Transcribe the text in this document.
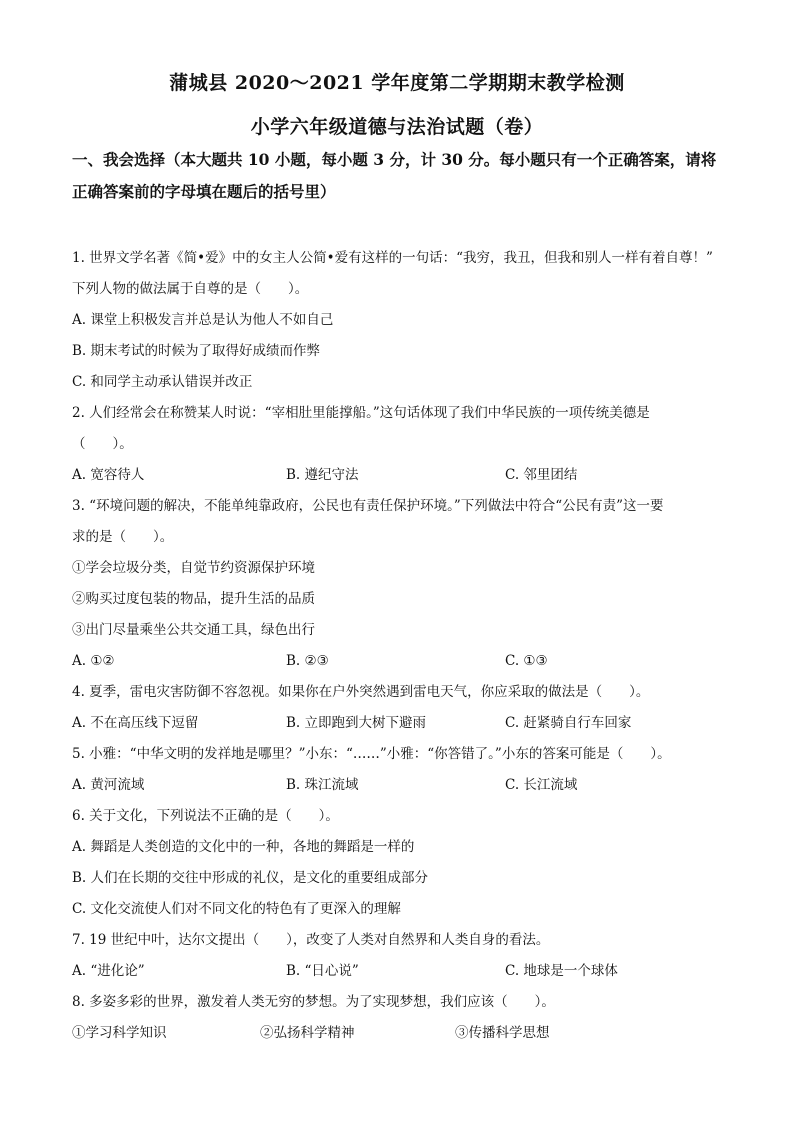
蒲城县 2020～2021 学年度第二学期期末教学检测
小学六年级道德与法治试题（卷）
一、我会选择（本大题共 10 小题，每小题 3 分，计 30 分。每小题只有一个正确答案，请将
正确答案前的字母填在题后的括号里）
1. 世界文学名著《简•爱》中的女主人公简•爱有这样的一句话：“我穷，我丑，但我和别人一样有着自尊！”
下列人物的做法属于自尊的是（　　）。
A. 课堂上积极发言并总是认为他人不如自己
B. 期末考试的时候为了取得好成绩而作弊
C. 和同学主动承认错误并改正
2. 人们经常会在称赞某人时说：“宰相肚里能撑船。”这句话体现了我们中华民族的一项传统美德是
（　　）。
A. 宽容待人	B. 遵纪守法	C. 邻里团结
3. “环境问题的解决，不能单纯靠政府，公民也有责任保护环境。”下列做法中符合“公民有责”这一要
求的是（　　）。
①学会垃圾分类，自觉节约资源保护环境
②购买过度包装的物品，提升生活的品质
③出门尽量乘坐公共交通工具，绿色出行
A. ①②	B. ②③	C. ①③
4. 夏季，雷电灾害防御不容忽视。如果你在户外突然遇到雷电天气，你应采取的做法是（　　）。
A. 不在高压线下逗留	B. 立即跑到大树下避雨	C. 赶紧骑自行车回家
5. 小雅：“中华文明的发祥地是哪里？”小东：“……”小雅：“你答错了。”小东的答案可能是（　　）。
A. 黄河流域	B. 珠江流域	C. 长江流域
6. 关于文化，下列说法不正确的是（　　）。
A. 舞蹈是人类创造的文化中的一种，各地的舞蹈是一样的
B. 人们在长期的交往中形成的礼仪，是文化的重要组成部分
C. 文化交流使人们对不同文化的特色有了更深入的理解
7. 19 世纪中叶，达尔文提出（　　），改变了人类对自然界和人类自身的看法。
A. “进化论”	B. “日心说”	C. 地球是一个球体
8. 多姿多彩的世界，激发着人类无穷的梦想。为了实现梦想，我们应该（　　）。
①学习科学知识	②弘扬科学精神	③传播科学思想
